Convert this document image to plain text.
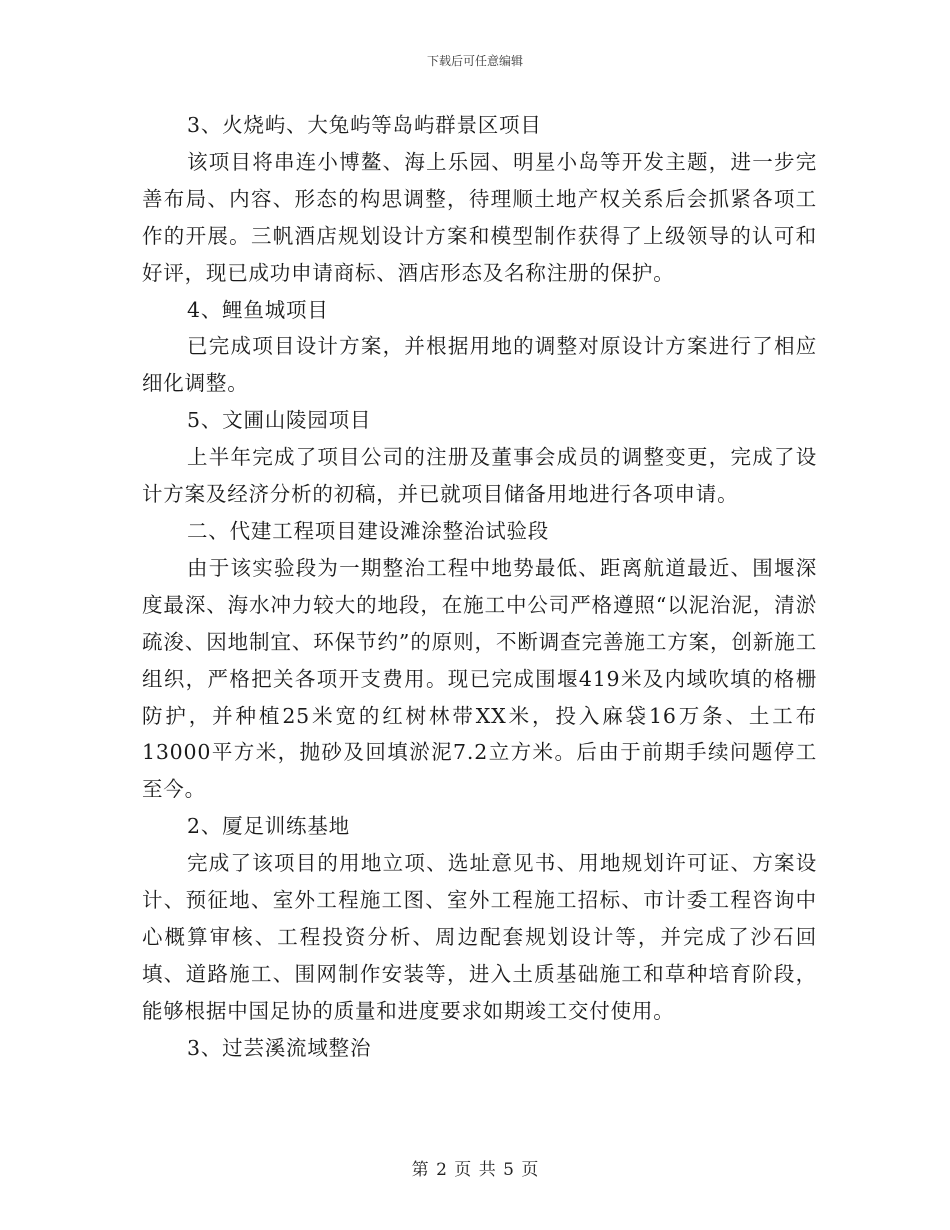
下载后可任意编辑

3、火烧屿、大兔屿等岛屿群景区项目

该项目将串连小博鳌、海上乐园、明星小岛等开发主题，进一步完善布局、内容、形态的构思调整，待理顺土地产权关系后会抓紧各项工作的开展。三帆酒店规划设计方案和模型制作获得了上级领导的认可和好评，现已成功申请商标、酒店形态及名称注册的保护。

4、鲤鱼城项目

已完成项目设计方案，并根据用地的调整对原设计方案进行了相应细化调整。

5、文圃山陵园项目

上半年完成了项目公司的注册及董事会成员的调整变更，完成了设计方案及经济分析的初稿，并已就项目储备用地进行各项申请。

二、代建工程项目建设滩涂整治试验段

由于该实验段为一期整治工程中地势最低、距离航道最近、围堰深度最深、海水冲力较大的地段，在施工中公司严格遵照“以泥治泥，清淤疏浚、因地制宜、环保节约”的原则，不断调查完善施工方案，创新施工组织，严格把关各项开支费用。现已完成围堰419米及内域吹填的格栅防护，并种植25米宽的红树林带XX米，投入麻袋16万条、土工布13000平方米，抛砂及回填淤泥7.2立方米。后由于前期手续问题停工至今。

2、厦足训练基地

完成了该项目的用地立项、选址意见书、用地规划许可证、方案设计、预征地、室外工程施工图、室外工程施工招标、市计委工程咨询中心概算审核、工程投资分析、周边配套规划设计等，并完成了沙石回填、道路施工、围网制作安装等，进入土质基础施工和草种培育阶段，能够根据中国足协的质量和进度要求如期竣工交付使用。

3、过芸溪流域整治

第 2 页 共 5 页
